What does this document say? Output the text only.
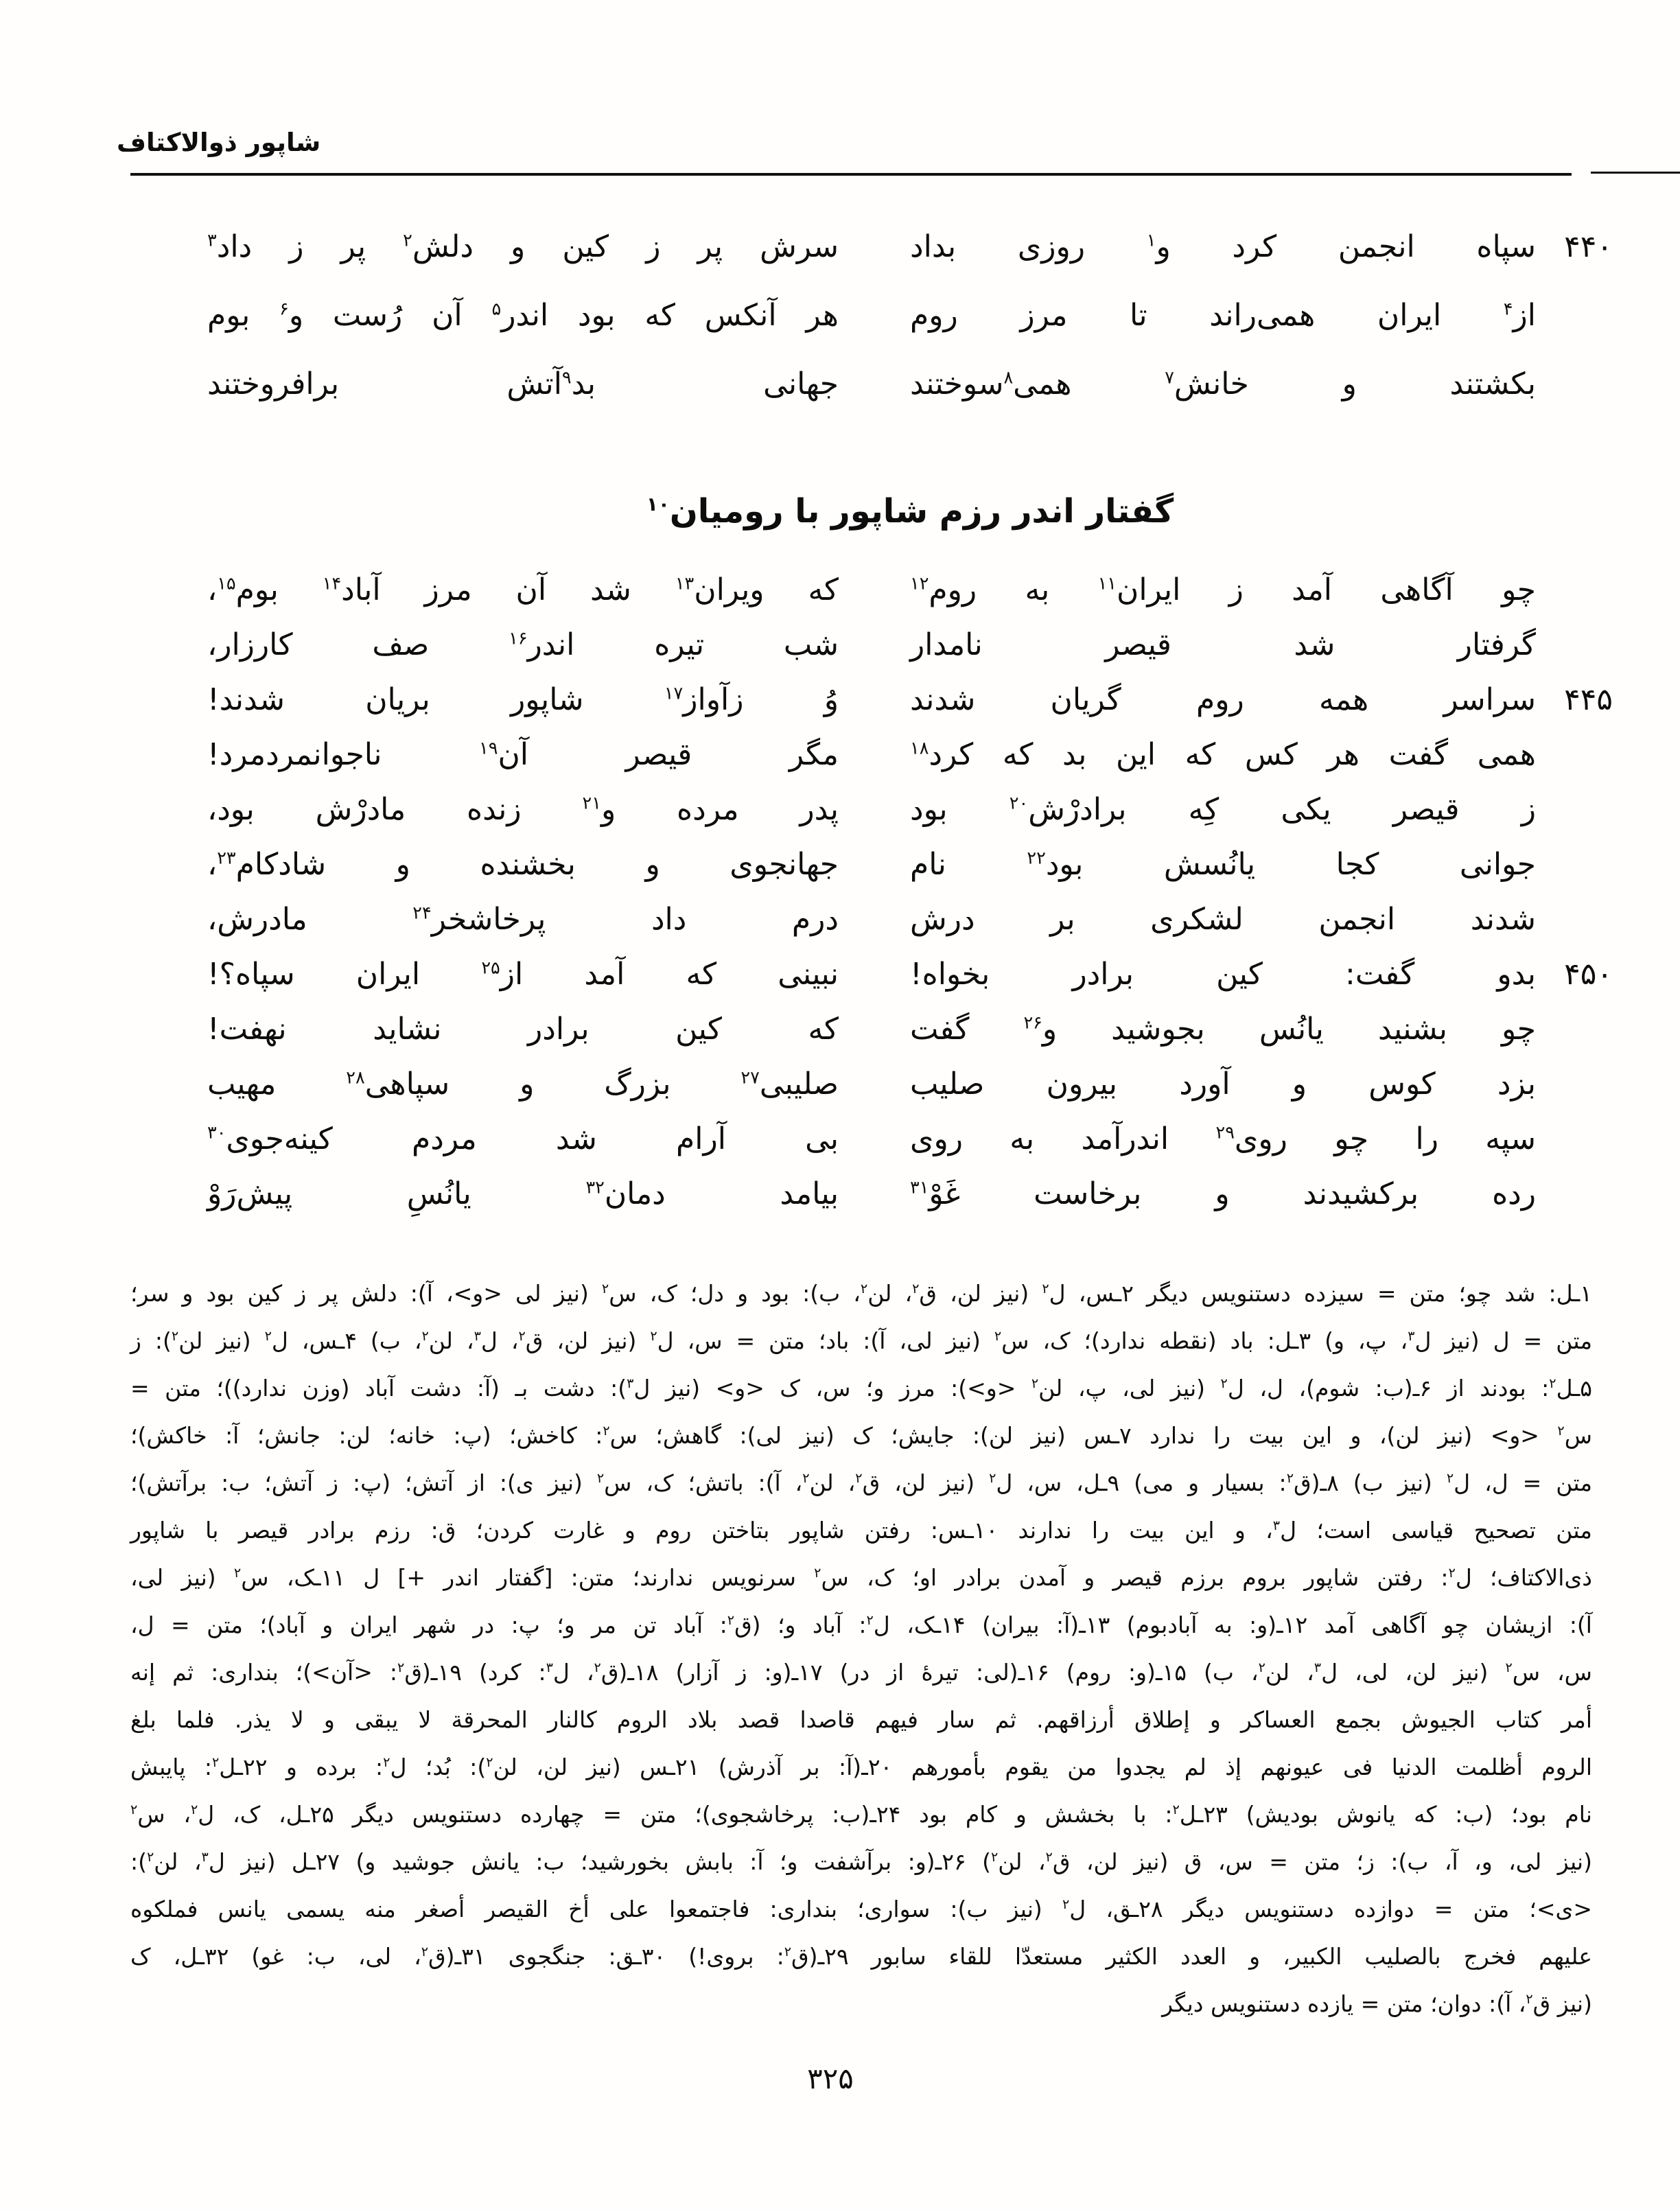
شاپور ذوالاکتاف
۴۴۰
سپاه انجمن کرد و$^۱$ روزی بداد
سرش پر ز کین و دلش$^۲$ پر ز داد$^۳$
از$^۴$ ایران همی‌راند تا مرز روم
هر آنکس که بود اندر$^۵$ آن رُست و$^۶$ بوم
بکشتند و خانش$^۷$ همی$^۸$سوختند
جهانی بد$^۹$آتش برافروختند
گفتار اندر رزم شاپور با رومیان$^{۱۰}$
چو آگاهی آمد ز ایران$^{۱۱}$ به روم$^{۱۲}$
که ویران$^{۱۳}$ شد آن مرز آباد$^{۱۴}$ بوم$^{۱۵}$،
گرفتار شد قیصر نامدار
شب تیره اندر$^{۱۶}$ صف کارزار،
۴۴۵
سراسر همه روم گریان شدند
وُ زآواز$^{۱۷}$ شاپور بریان شدند!
همی گفت هر کس که این بد که کرد$^{۱۸}$
مگر قیصر آن$^{۱۹}$ ناجوانمردمرد!
ز قیصر یکی کِه برادرْش$^{۲۰}$ بود
پدر مرده و$^{۲۱}$ زنده مادرْش بود،
جوانی کجا یانُسش بود$^{۲۲}$ نام
جهانجوی و بخشنده و شادکام$^{۲۳}$،
شدند انجمن لشکری بر درش
درم داد پرخاشخر$^{۲۴}$ مادرش،
۴۵۰
بدو گفت: کین برادر بخواه!
نبینی که آمد از$^{۲۵}$ ایران سپاه؟!
چو بشنید یانُس بجوشید و$^{۲۶}$ گفت
که کین برادر نشاید نهفت!
بزد کوس و آورد بیرون صلیب
صلیبی$^{۲۷}$ بزرگ و سپاهی$^{۲۸}$ مهیب
سپه را چو روی$^{۲۹}$ اندرآمد به روی
بی آرام شد مردم کینه‌جوی$^{۳۰}$
رده برکشیدند و برخاست غَوْ$^{۳۱}$
بیامد دمان$^{۳۲}$ یانُسِ پیش‌رَوْ
۱ـل: شد چو؛ متن = سیزده دستنویس دیگر ۲ـس، ل$^۲$ (نیز لن، ق$^۲$، لن$^۲$، ب): بود و دل؛ ک، س$^۲$ (نیز لی <و>، آ): دلش پر ز کین بود و سر؛
متن = ل (نیز ل$^۳$، پ، و) ۳ـل: باد (نقطه ندارد)؛ ک، س$^۲$ (نیز لی، آ): باد؛ متن = س، ل$^۲$ (نیز لن، ق$^۲$، ل$^۳$، لن$^۲$، ب) ۴ـس، ل$^۲$ (نیز لن$^۲$): ز
۵ـل$^۲$: بودند از ۶ـ(ب: شوم)، ل، ل$^۲$ (نیز لی، پ، لن$^۲$ <و>): مرز و؛ س، ک <و> (نیز ل$^۳$): دشت بـ (آ: دشت آباد (وزن ندارد))؛ متن =
س$^۲$ <و> (نیز لن)، و این بیت را ندارد ۷ـس (نیز لن): جایش؛ ک (نیز لی): گاهش؛ س$^۲$: کاخش؛ (پ: خانه؛ لن: جانش؛ آ: خاکش)؛
متن = ل، ل$^۲$ (نیز ب) ۸ـ(ق$^۲$: بسیار و می) ۹ـل، س، ل$^۲$ (نیز لن، ق$^۲$، لن$^۲$، آ): باتش؛ ک، س$^۲$ (نیز ی): از آتش؛ (پ: ز آتش؛ ب: برآتش)؛
متن تصحیح قیاسی است؛ ل$^۳$، و این بیت را ندارند ۱۰ـس: رفتن شاپور بتاختن روم و غارت کردن؛ ق: رزم برادر قیصر با شاپور
ذی‌الاکتاف؛ ل$^۲$: رفتن شاپور بروم برزم قیصر و آمدن برادر او؛ ک، س$^۲$ سرنویس ندارند؛ متن: [گفتار اندر +] ل ۱۱ـک، س$^۲$ (نیز لی،
آ): ازیشان چو آگاهی آمد ۱۲ـ(و: به آبادبوم) ۱۳ـ(آ: بیران) ۱۴ـک، ل$^۲$: آباد و؛ (ق$^۲$: آباد تن مر و؛ پ: در شهر ایران و آباد)؛ متن = ل،
س، س$^۲$ (نیز لن، لی، ل$^۳$، لن$^۲$، ب) ۱۵ـ(و: روم) ۱۶ـ(لی: تیرهٔ از در) ۱۷ـ(و: ز آزار) ۱۸ـ(ق$^۲$، ل$^۳$: کرد) ۱۹ـ(ق$^۲$: <آن>)؛ بنداری: ثم إنه
أمر کتاب الجیوش بجمع العساکر و إطلاق أرزاقهم. ثم سار فیهم قاصدا قصد بلاد الروم کالنار المحرقة لا یبقی و لا یذر. فلما بلغ
الروم أظلمت الدنیا فی عیونهم إذ لم یجدوا من یقوم بأمورهم ۲۰ـ(آ: بر آذرش) ۲۱ـس (نیز لن، لن$^۲$): بُد؛ ل$^۲$: برده و ۲۲ـل$^۲$: پایبش
نام بود؛ (ب: که یانوش بودیش) ۲۳ـل$^۲$: با بخشش و کام بود ۲۴ـ(ب: پرخاشجوی)؛ متن = چهارده دستنویس دیگر ۲۵ـل، ک، ل$^۲$، س$^۲$
(نیز لی، و، آ، ب): ز؛ متن = س، ق (نیز لن، ق$^۲$، لن$^۲$) ۲۶ـ(و: برآشفت و؛ آ: بابش بخورشید؛ ب: یانش جوشید و) ۲۷ـل (نیز ل$^۳$، لن$^۲$):
<ی>؛ متن = دوازده دستنویس دیگر ۲۸ـق، ل$^۲$ (نیز ب): سواری؛ بنداری: فاجتمعوا علی أخ القیصر أصغر منه یسمی یانس فملکوه
علیهم فخرج بالصلیب الکبیر، و العدد الکثیر مستعدّا للقاء سابور ۲۹ـ(ق$^۲$: بروی!) ۳۰ـق: جنگجوی ۳۱ـ(ق$^۲$، لی، ب: غو) ۳۲ـل، ک
(نیز ق$^۲$، آ): دوان؛ متن = یازده دستنویس دیگر
۳۲۵
